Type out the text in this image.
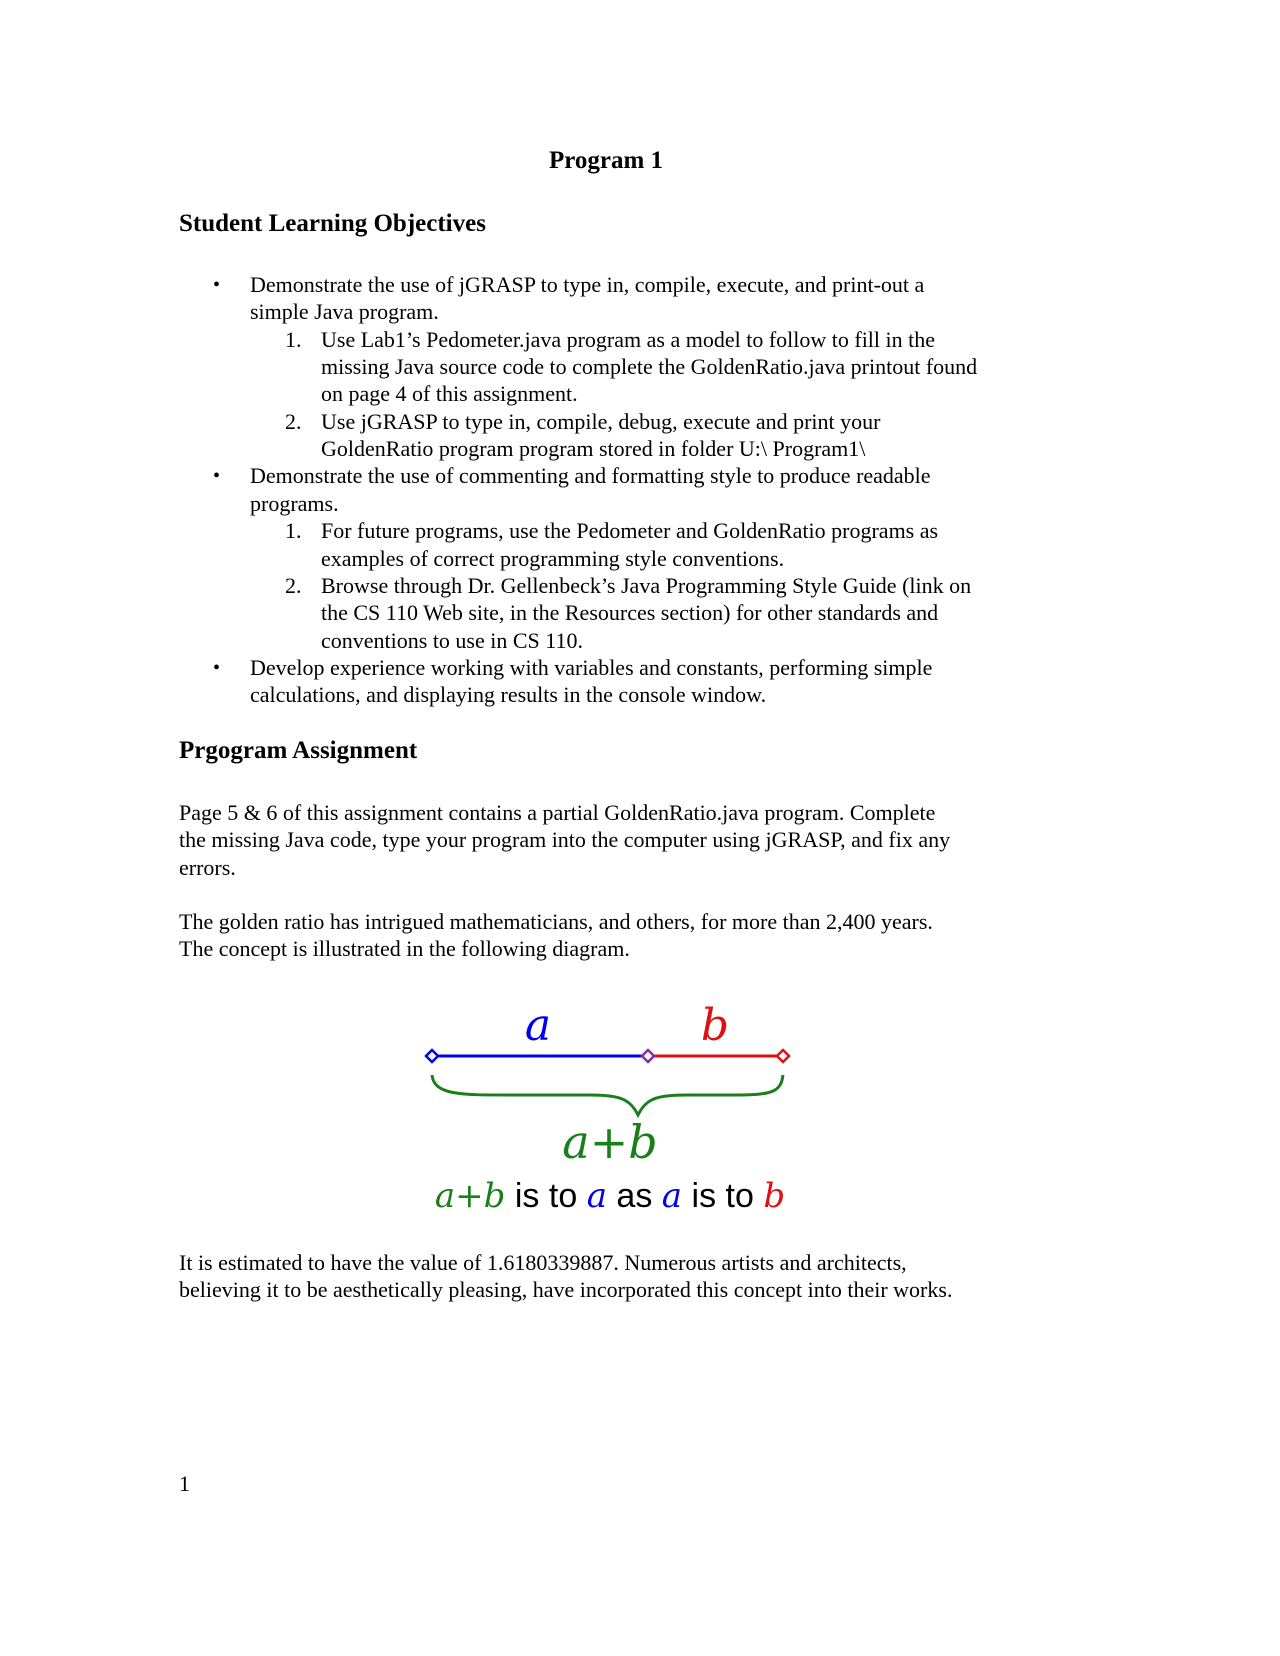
Program 1
Student Learning Objectives
• Demonstrate the use of jGRASP to type in, compile, execute, and print-out a
simple Java program.
1. Use Lab1’s Pedometer.java program as a model to follow to fill in the
missing Java source code to complete the GoldenRatio.java printout found
on page 4 of this assignment.
2. Use jGRASP to type in, compile, debug, execute and print your
GoldenRatio program program stored in folder U:\ Program1\
• Demonstrate the use of commenting and formatting style to produce readable
programs.
1. For future programs, use the Pedometer and GoldenRatio programs as
examples of correct programming style conventions.
2. Browse through Dr. Gellenbeck’s Java Programming Style Guide (link on
the CS 110 Web site, in the Resources section) for other standards and
conventions to use in CS 110.
• Develop experience working with variables and constants, performing simple
calculations, and displaying results in the console window.
Prgogram Assignment
Page 5 & 6 of this assignment contains a partial GoldenRatio.java program. Complete
the missing Java code, type your program into the computer using jGRASP, and fix any
errors.
The golden ratio has intrigued mathematicians, and others, for more than 2,400 years.
The concept is illustrated in the following diagram.
a	b
a+b
a+b is to a as a is to b
It is estimated to have the value of 1.6180339887. Numerous artists and architects,
believing it to be aesthetically pleasing, have incorporated this concept into their works.
1
